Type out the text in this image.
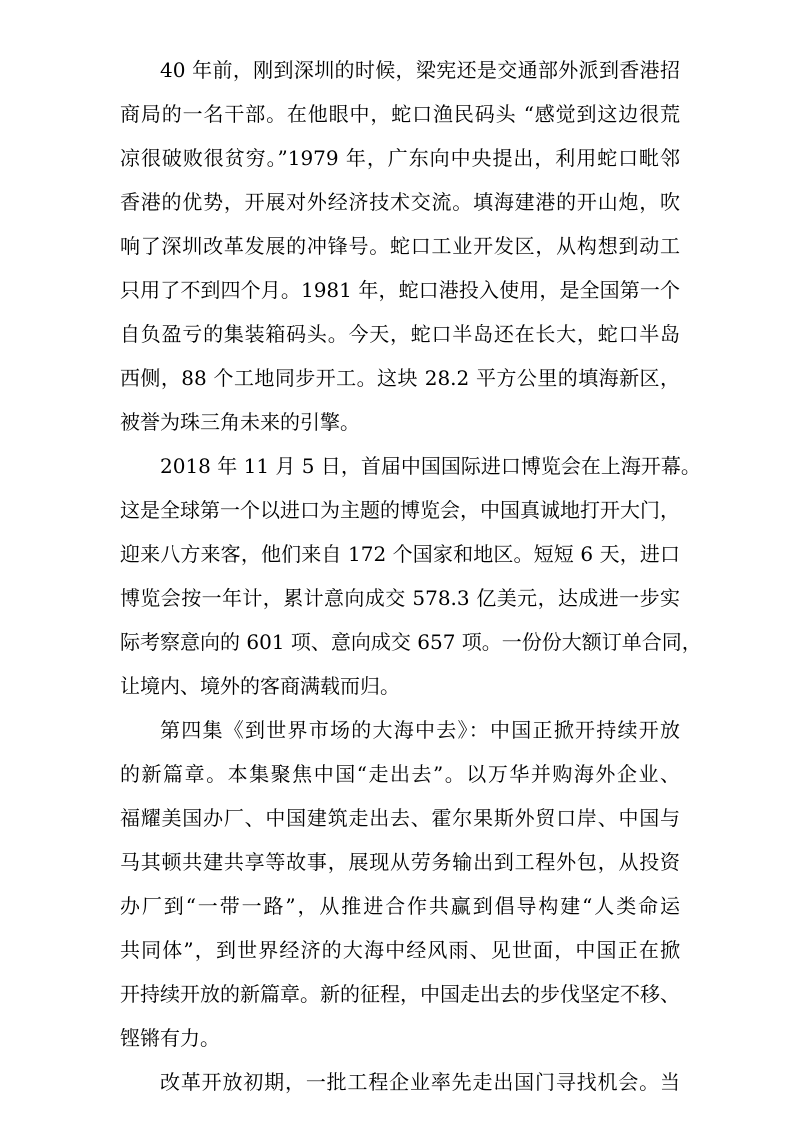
40 年前，刚到深圳的时候，梁宪还是交通部外派到香港招
商局的一名干部。在他眼中，蛇口渔民码头 “感觉到这边很荒
凉很破败很贫穷。”1979 年，广东向中央提出，利用蛇口毗邻
香港的优势，开展对外经济技术交流。填海建港的开山炮，吹
响了深圳改革发展的冲锋号。蛇口工业开发区，从构想到动工
只用了不到四个月。1981 年，蛇口港投入使用，是全国第一个
自负盈亏的集装箱码头。今天，蛇口半岛还在长大，蛇口半岛
西侧，88 个工地同步开工。这块 28.2 平方公里的填海新区，
被誉为珠三角未来的引擎。
2018 年 11 月 5 日，首届中国国际进口博览会在上海开幕。
这是全球第一个以进口为主题的博览会，中国真诚地打开大门，
迎来八方来客，他们来自 172 个国家和地区。短短 6 天，进口
博览会按一年计，累计意向成交 578.3 亿美元，达成进一步实
际考察意向的 601 项、意向成交 657 项。一份份大额订单合同，
让境内、境外的客商满载而归。
第四集《到世界市场的大海中去》：中国正掀开持续开放
的新篇章。本集聚焦中国“走出去”。以万华并购海外企业、
福耀美国办厂、中国建筑走出去、霍尔果斯外贸口岸、中国与
马其顿共建共享等故事，展现从劳务输出到工程外包，从投资
办厂到“一带一路”，从推进合作共赢到倡导构建“人类命运
共同体”，到世界经济的大海中经风雨、见世面，中国正在掀
开持续开放的新篇章。新的征程，中国走出去的步伐坚定不移、
铿锵有力。
改革开放初期，一批工程企业率先走出国门寻找机会。当
